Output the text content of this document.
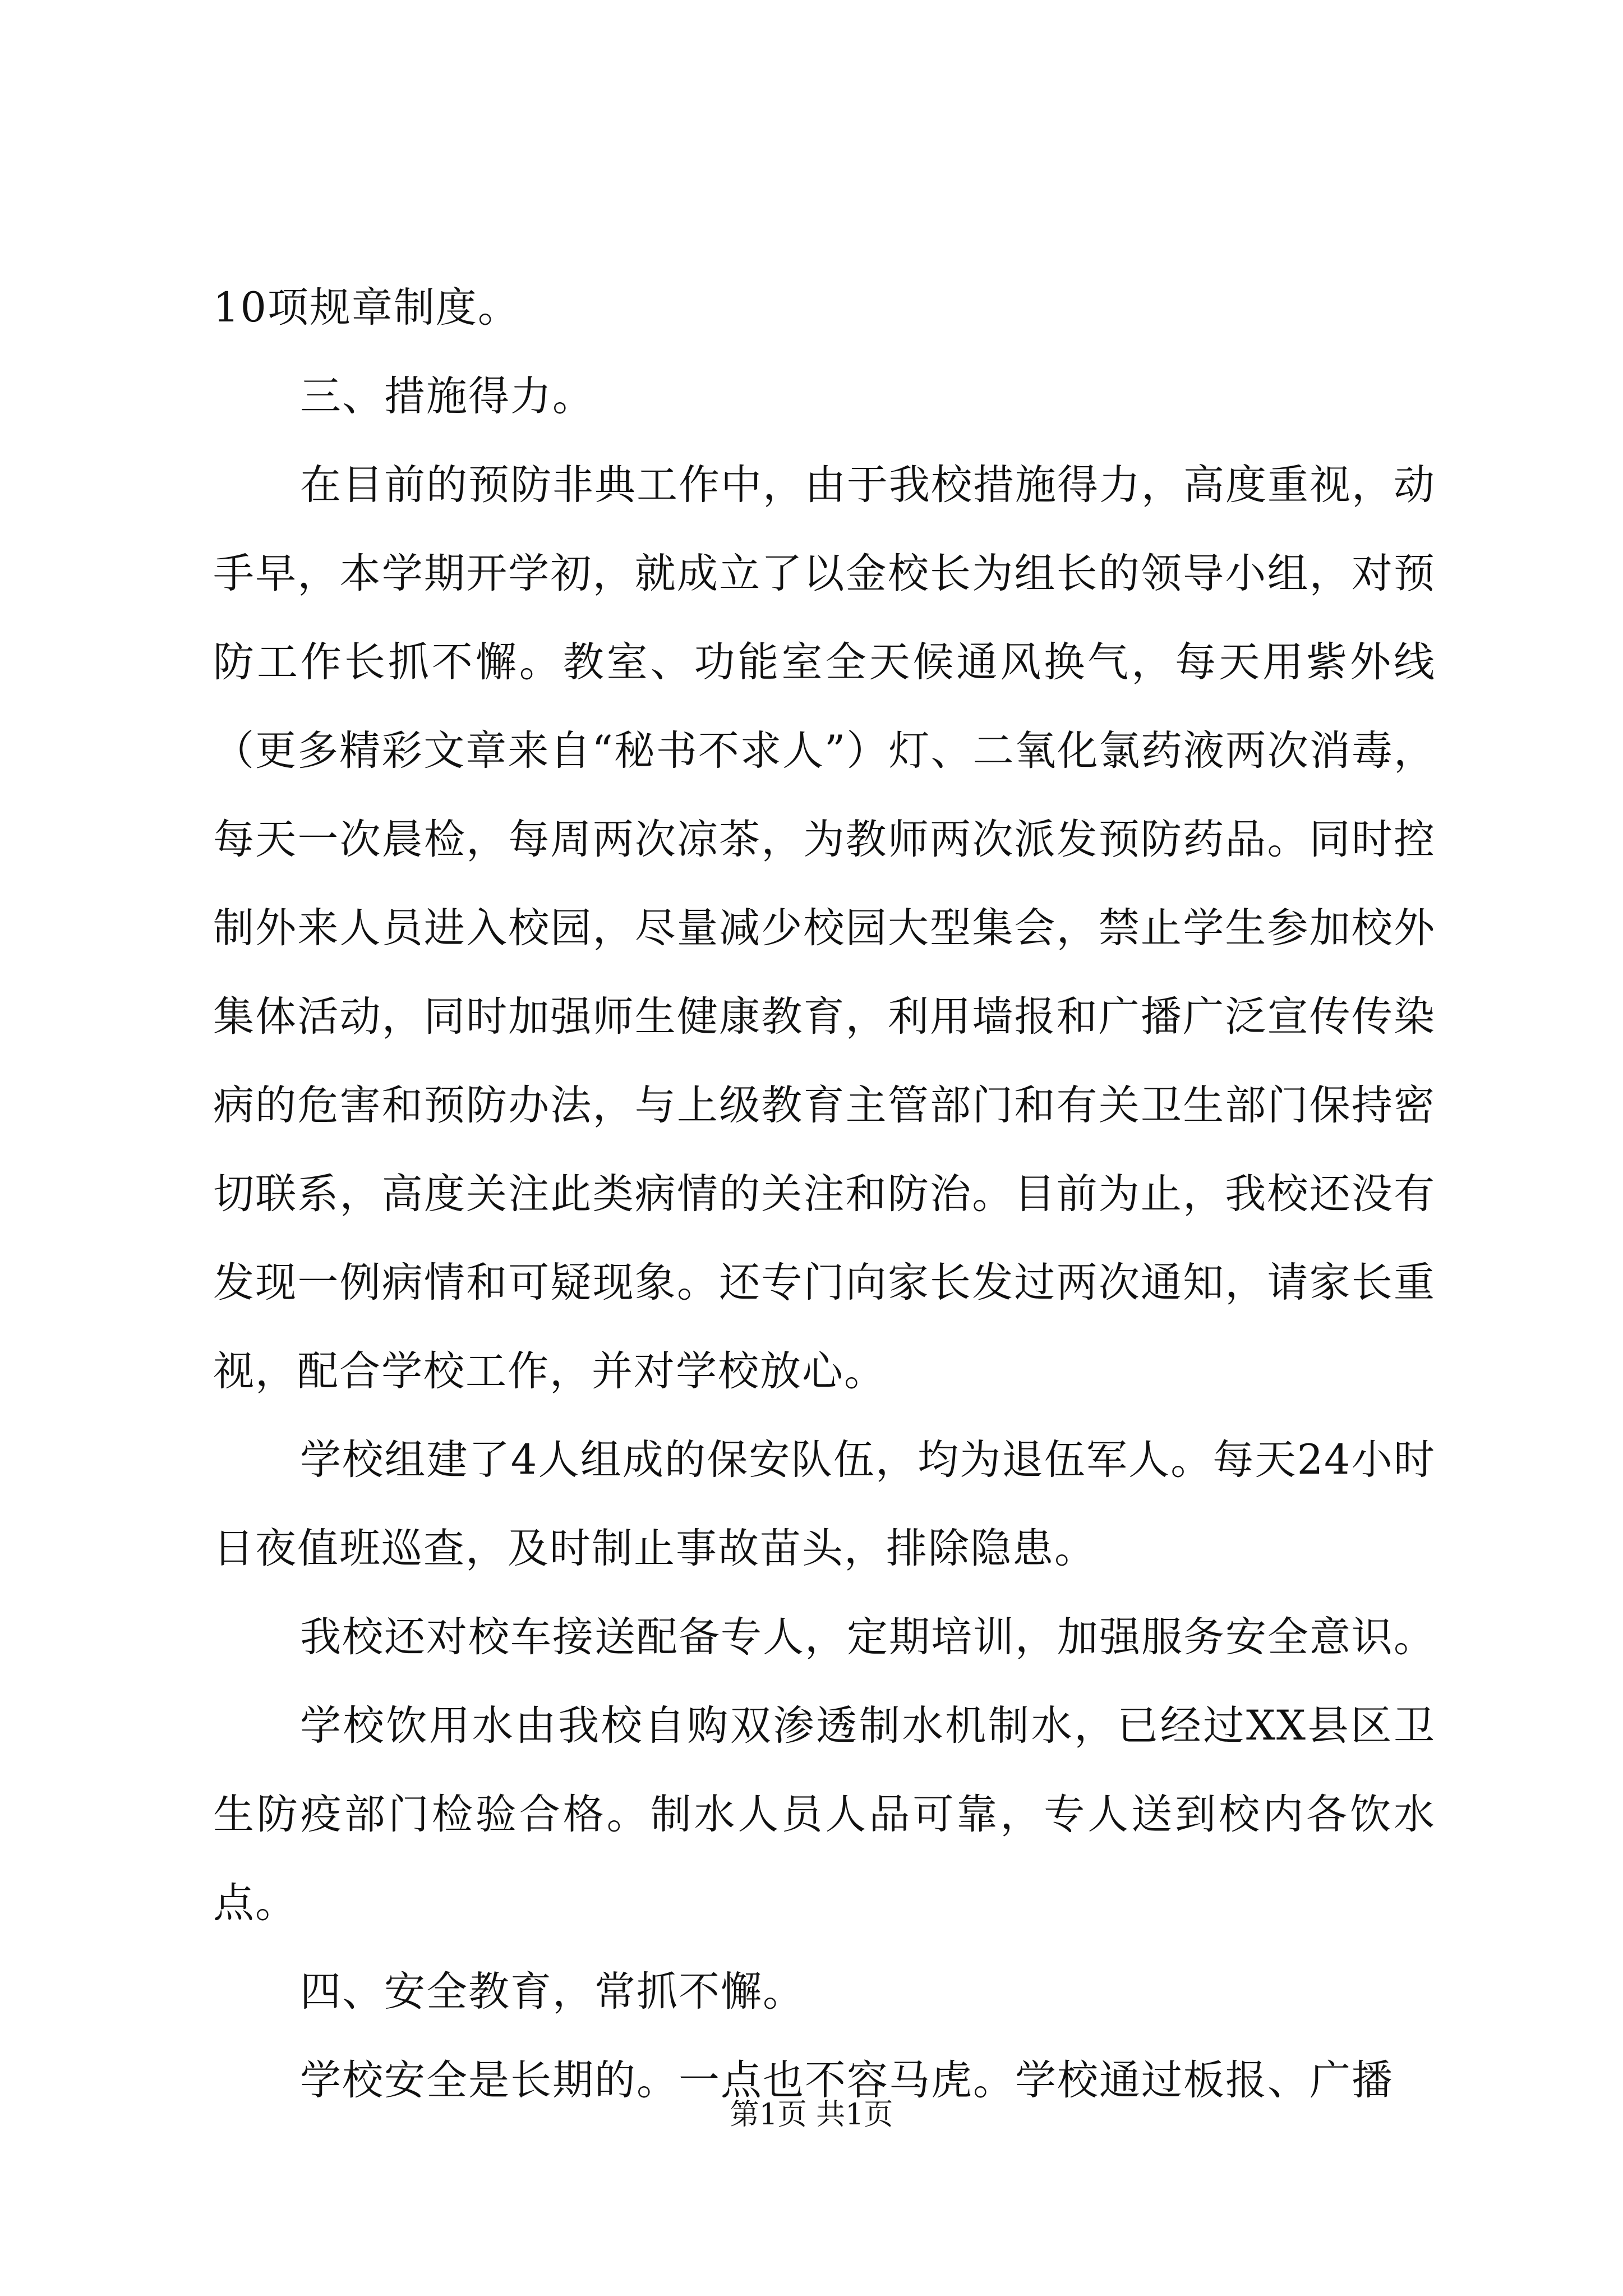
10项规章制度。

三、措施得力。

在目前的预防非典工作中，由于我校措施得力，高度重视，动手早，本学期开学初，就成立了以金校长为组长的领导小组，对预防工作长抓不懈。教室、功能室全天候通风换气，每天用紫外线（更多精彩文章来自“秘书不求人”）灯、二氧化氯药液两次消毒，每天一次晨检，每周两次凉茶，为教师两次派发预防药品。同时控制外来人员进入校园，尽量减少校园大型集会，禁止学生参加校外集体活动，同时加强师生健康教育，利用墙报和广播广泛宣传传染病的危害和预防办法，与上级教育主管部门和有关卫生部门保持密切联系，高度关注此类病情的关注和防治。目前为止，我校还没有发现一例病情和可疑现象。还专门向家长发过两次通知，请家长重视，配合学校工作，并对学校放心。

学校组建了4人组成的保安队伍，均为退伍军人。每天24小时日夜值班巡查，及时制止事故苗头，排除隐患。

我校还对校车接送配备专人，定期培训，加强服务安全意识。

学校饮用水由我校自购双渗透制水机制水，已经过XX县区卫生防疫部门检验合格。制水人员人品可靠，专人送到校内各饮水点。

四、安全教育，常抓不懈。

学校安全是长期的。一点也不容马虎。学校通过板报、广播

第1页 共1页
